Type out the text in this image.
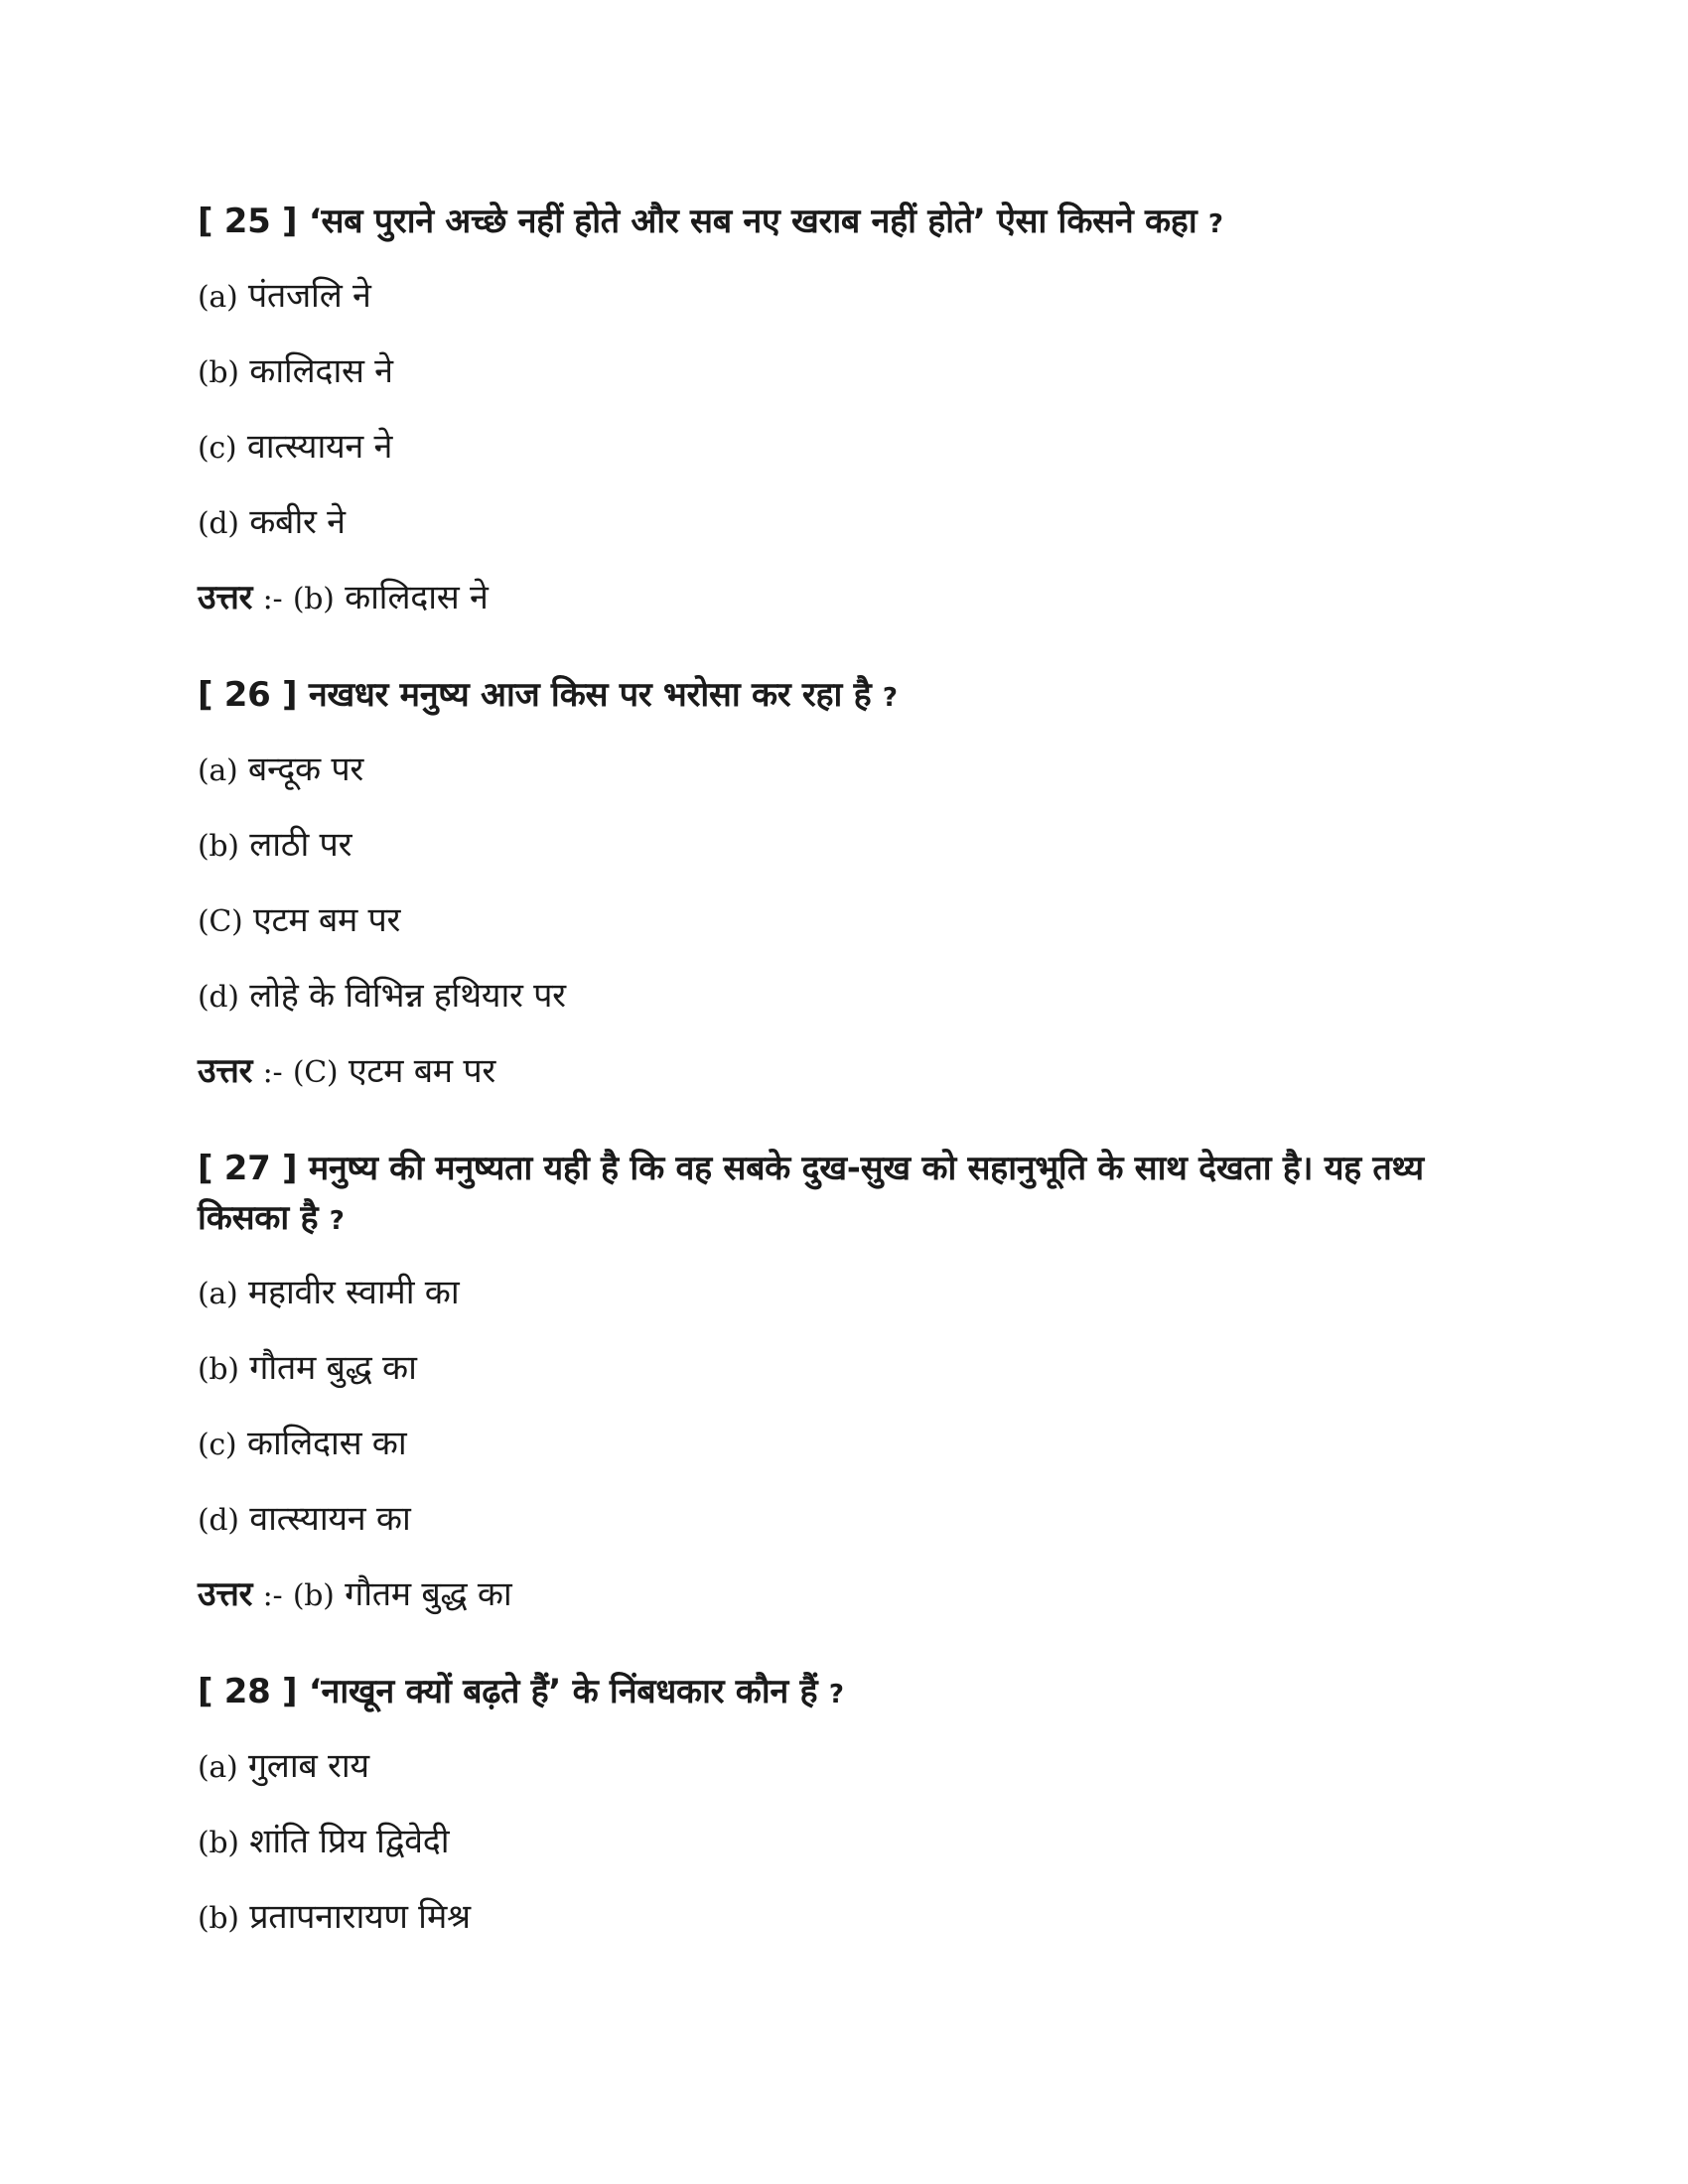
[ 25 ] ‘सब पुराने अच्छे नहीं होते और सब नए खराब नहीं होते’ ऐसा किसने कहा ?

(a) पंतजलि ने

(b) कालिदास ने

(c) वात्स्यायन ने

(d) कबीर ने

उत्तर :- (b) कालिदास ने

[ 26 ] नखधर मनुष्य आज किस पर भरोसा कर रहा है ?

(a) बन्दूक पर

(b) लाठी पर

(C) एटम बम पर

(d) लोहे के विभिन्न हथियार पर

उत्तर :- (C) एटम बम पर

[ 27 ] मनुष्य की मनुष्यता यही है कि वह सबके दुख-सुख को सहानुभूति के साथ देखता है। यह तथ्य किसका है ?

(a) महावीर स्वामी का

(b) गौतम बुद्ध का

(c) कालिदास का

(d) वात्स्यायन का

उत्तर :- (b) गौतम बुद्ध का

[ 28 ] ‘नाखून क्यों बढ़ते हैं’ के निंबधकार कौन हैं ?

(a) गुलाब राय

(b) शांति प्रिय द्विवेदी

(b) प्रतापनारायण मिश्र
